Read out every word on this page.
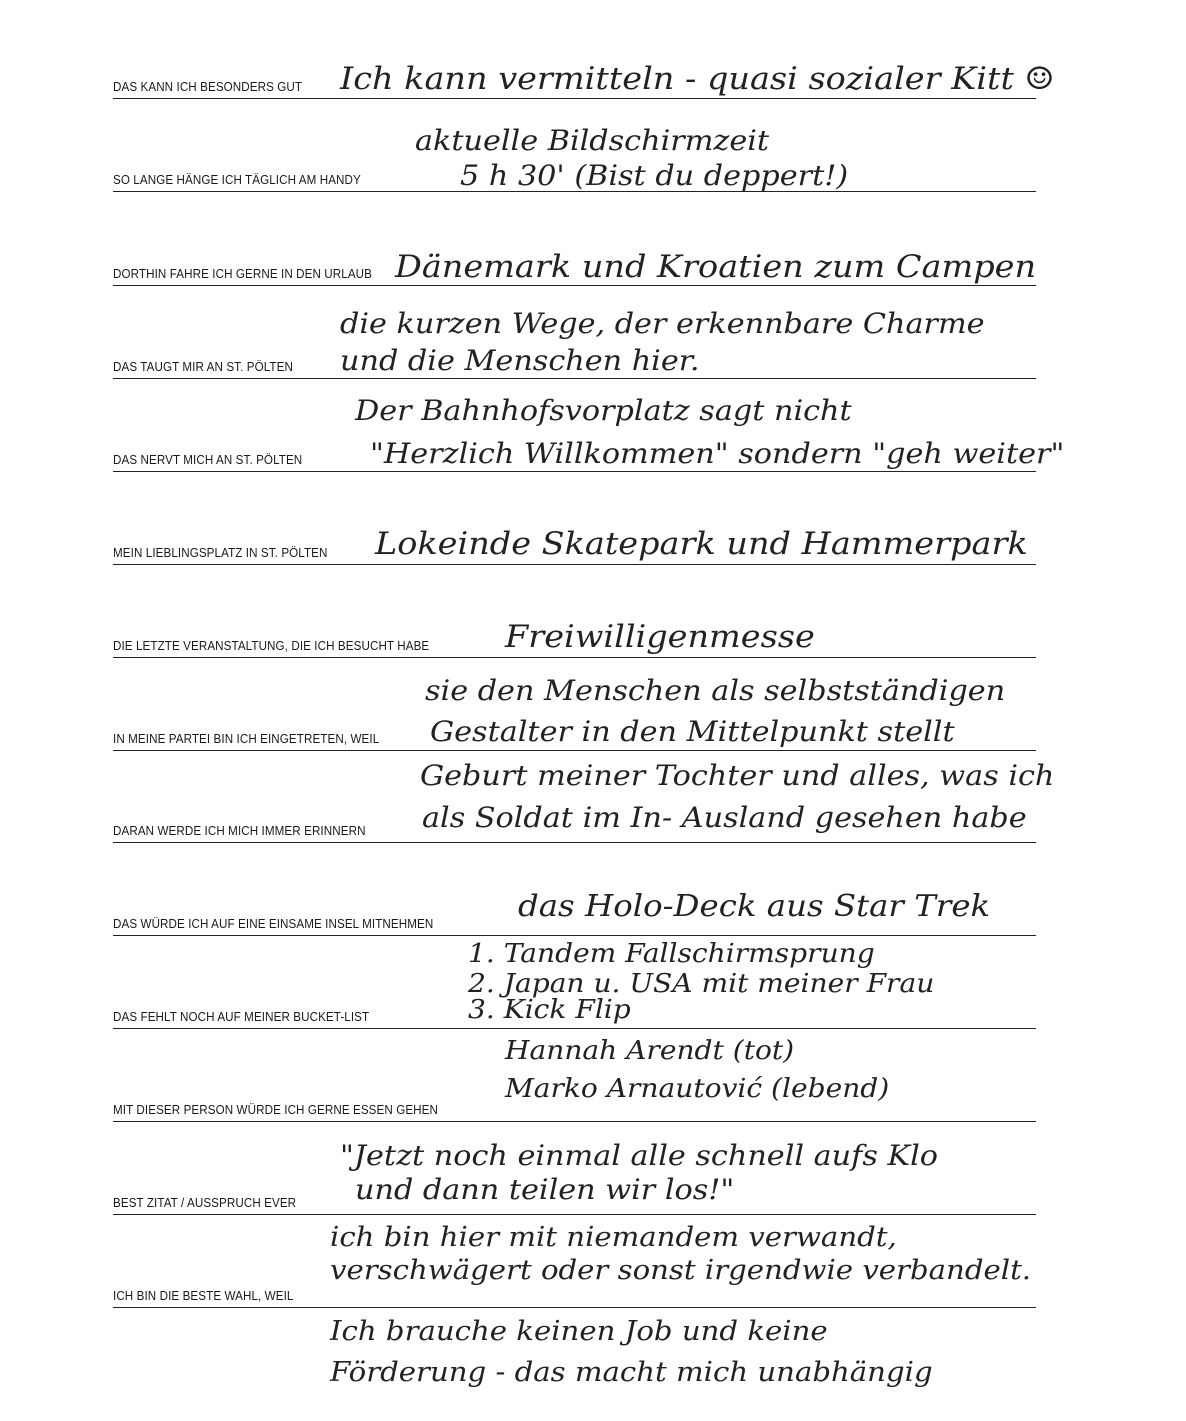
DAS KANN ICH BESONDERS GUT Ich kann vermitteln - quasi sozialer Kitt ☺
SO LANGE HÄNGE ICH TÄGLICH AM HANDY
aktuelle Bildschirmzeit
5 h 30' (Bist du deppert!)
DORTHIN FAHRE ICH GERNE IN DEN URLAUB Dänemark und Kroatien zum Campen
DAS TAUGT MIR AN ST. PÖLTEN
die kurzen Wege, der erkennbare Charme
und die Menschen hier.
DAS NERVT MICH AN ST. PÖLTEN
Der Bahnhofsvorplatz sagt nicht
"Herzlich Willkommen" sondern "geh weiter"
MEIN LIEBLINGSPLATZ IN ST. PÖLTEN Lokeinde Skatepark und Hammerpark
DIE LETZTE VERANSTALTUNG, DIE ICH BESUCHT HABE Freiwilligenmesse
IN MEINE PARTEI BIN ICH EINGETRETEN, WEIL
sie den Menschen als selbstständigen
Gestalter in den Mittelpunkt stellt
DARAN WERDE ICH MICH IMMER ERINNERN
Geburt meiner Tochter und alles, was ich
als Soldat im In- Ausland gesehen habe
DAS WÜRDE ICH AUF EINE EINSAME INSEL MITNEHMEN	das Holo-Deck aus Star Trek
DAS FEHLT NOCH AUF MEINER BUCKET-LIST
1. Tandem Fallschirmsprung
2. Japan u. USA mit meiner Frau
3. Kick Flip
MIT DIESER PERSON WÜRDE ICH GERNE ESSEN GEHEN
Hannah Arendt (tot)
Marko Arnautović (lebend)
BEST ZITAT / AUSSPRUCH EVER
"Jetzt noch einmal alle schnell aufs Klo
und dann teilen wir los!"
ICH BIN DIE BESTE WAHL, WEIL
ich bin hier mit niemandem verwandt,
verschwägert oder sonst irgendwie verbandelt.
Ich brauche keinen Job und keine
Förderung - das macht mich unabhängig
